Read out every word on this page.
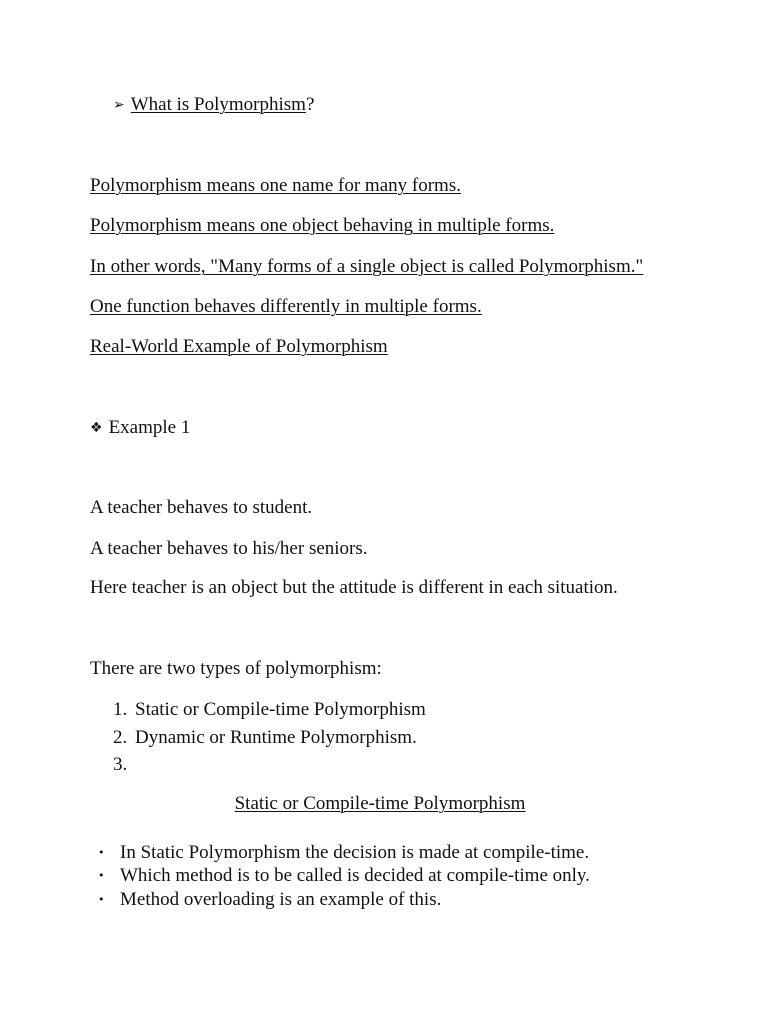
➢ What is Polymorphism?
Polymorphism means one name for many forms.
Polymorphism means one object behaving in multiple forms.
In other words, "Many forms of a single object is called Polymorphism."
One function behaves differently in multiple forms.
Real-World Example of Polymorphism
❖ Example 1
A teacher behaves to student.
A teacher behaves to his/her seniors.
Here teacher is an object but the attitude is different in each situation.
There are two types of polymorphism:
1. Static or Compile-time Polymorphism
2. Dynamic or Runtime Polymorphism.
3.
Static or Compile-time Polymorphism
• In Static Polymorphism the decision is made at compile-time.
• Which method is to be called is decided at compile-time only.
• Method overloading is an example of this.
